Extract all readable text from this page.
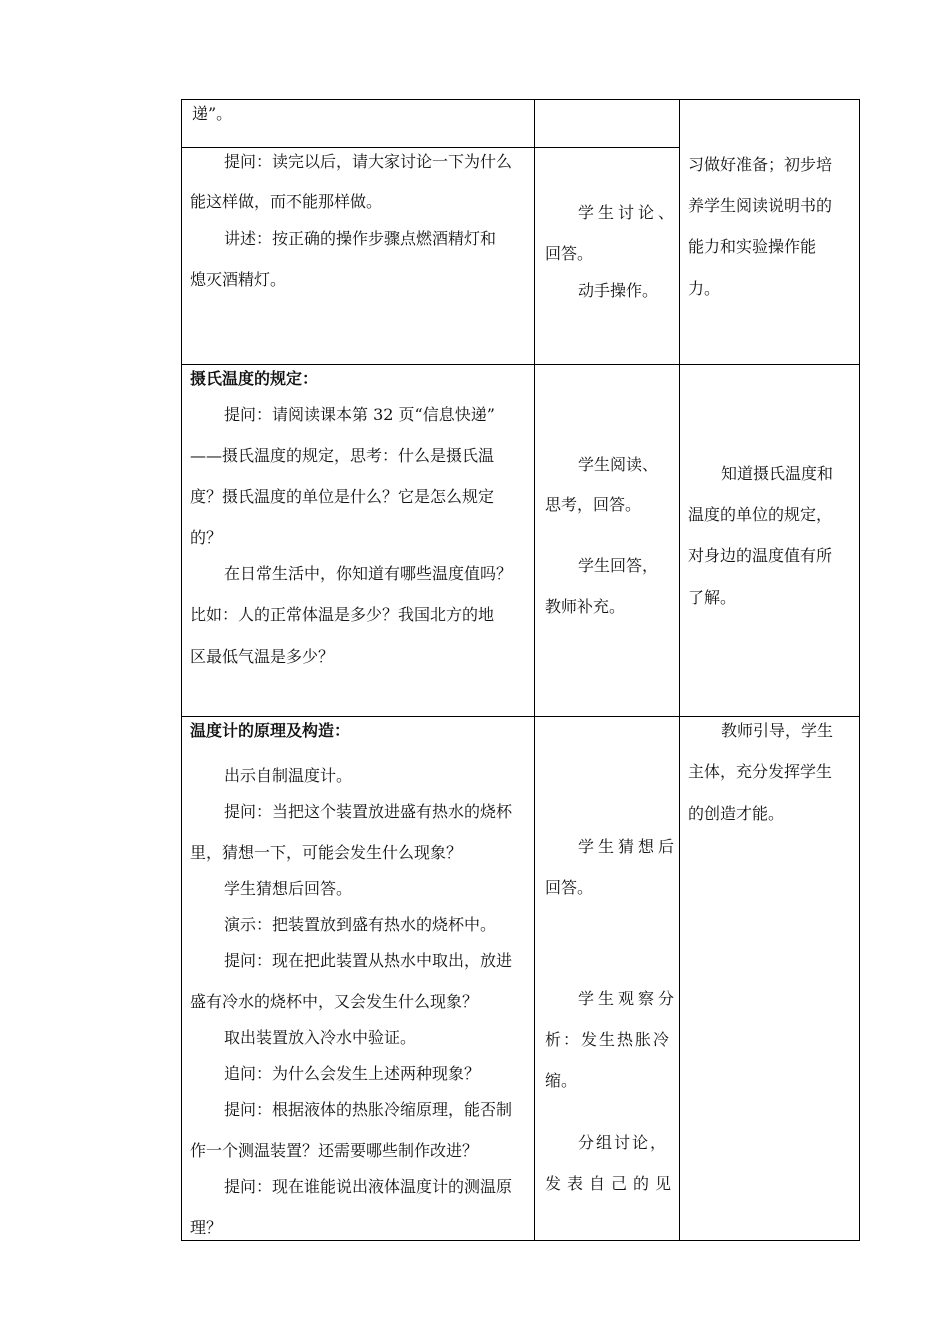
递”。
提问：读完以后，请大家讨论一下为什么
能这样做，而不能那样做。
讲述：按正确的操作步骤点燃酒精灯和
熄灭酒精灯。
学生讨论、
回答。
动手操作。
习做好准备；初步培
养学生阅读说明书的
能力和实验操作能
力。
摄氏温度的规定：
提问：请阅读课本第 32 页“信息快递”
——摄氏温度的规定，思考：什么是摄氏温
度？摄氏温度的单位是什么？它是怎么规定
的？
在日常生活中，你知道有哪些温度值吗？
比如：人的正常体温是多少？我国北方的地
区最低气温是多少？
学生阅读、
思考，回答。
学生回答，
教师补充。
知道摄氏温度和
温度的单位的规定，
对身边的温度值有所
了解。
温度计的原理及构造：
出示自制温度计。
提问：当把这个装置放进盛有热水的烧杯
里，猜想一下，可能会发生什么现象？
学生猜想后回答。
演示：把装置放到盛有热水的烧杯中。
提问：现在把此装置从热水中取出，放进
盛有冷水的烧杯中，又会发生什么现象？
取出装置放入冷水中验证。
追问：为什么会发生上述两种现象？
提问：根据液体的热胀冷缩原理，能否制
作一个测温装置？还需要哪些制作改进？
提问：现在谁能说出液体温度计的测温原
理？
学生猜想后
回答。
学生观察分
析：发生热胀冷
缩。
分组讨论，
发表自己的见
教师引导，学生
主体，充分发挥学生
的创造才能。
